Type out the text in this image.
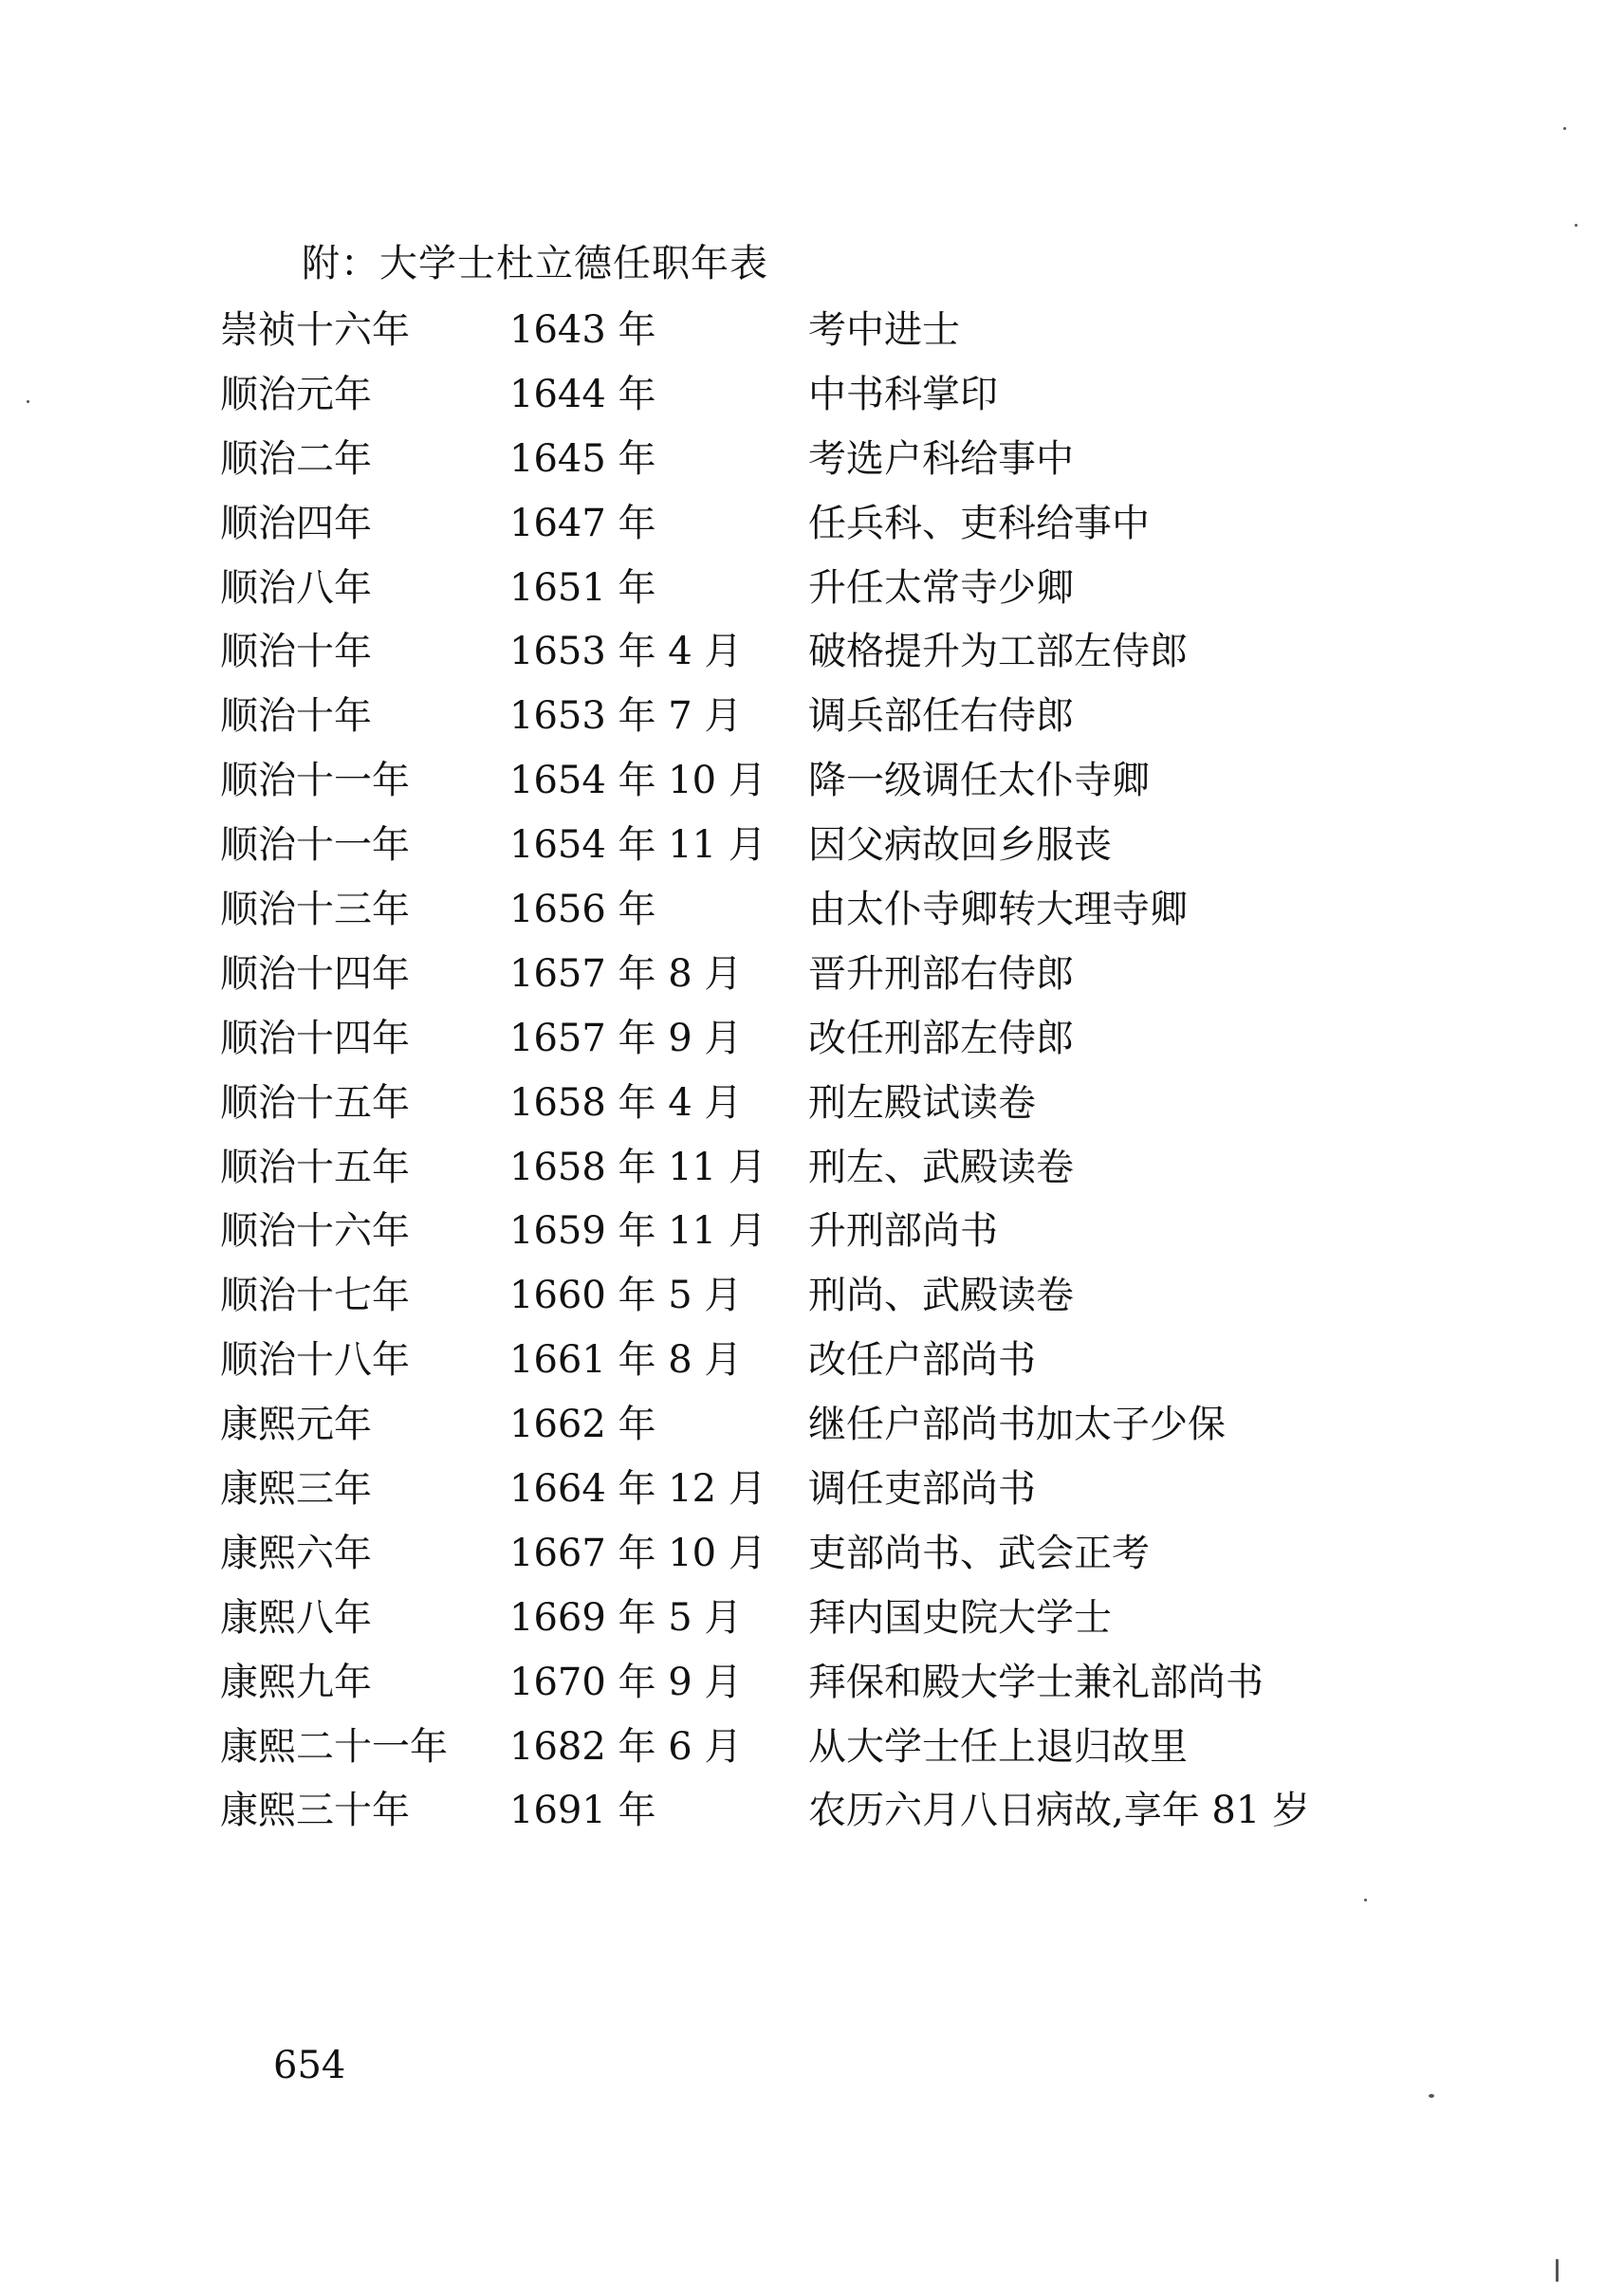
附：大学士杜立德任职年表
崇祯十六年	1643 年	考中进士
顺治元年	1644 年	中书科掌印
顺治二年	1645 年	考选户科给事中
顺治四年	1647 年	任兵科、吏科给事中
顺治八年	1651 年	升任太常寺少卿
顺治十年	1653 年 4 月 破格提升为工部左侍郎
顺治十年	1653 年 7 月 调兵部任右侍郎
顺治十一年	1654 年 10 月 降一级调任太仆寺卿
顺治十一年	1654 年 11 月 因父病故回乡服丧
顺治十三年	1656 年	由太仆寺卿转大理寺卿
顺治十四年	1657 年 8 月 晋升刑部右侍郎
顺治十四年	1657 年 9 月 改任刑部左侍郎
顺治十五年	1658 年 4 月 刑左殿试读卷
顺治十五年	1658 年 11 月 刑左、武殿读卷
顺治十六年	1659 年 11 月 升刑部尚书
顺治十七年	1660 年 5 月 刑尚、武殿读卷
顺治十八年	1661 年 8 月 改任户部尚书
康熙元年	1662 年	继任户部尚书加太子少保
康熙三年	1664 年 12 月 调任吏部尚书
康熙六年	1667 年 10 月 吏部尚书、武会正考
康熙八年	1669 年 5 月 拜内国史院大学士
康熙九年	1670 年 9 月 拜保和殿大学士兼礼部尚书
康熙二十一年 1682 年 6 月 从大学士任上退归故里
康熙三十年	1691 年	农历六月八日病故,享年 81 岁
654
